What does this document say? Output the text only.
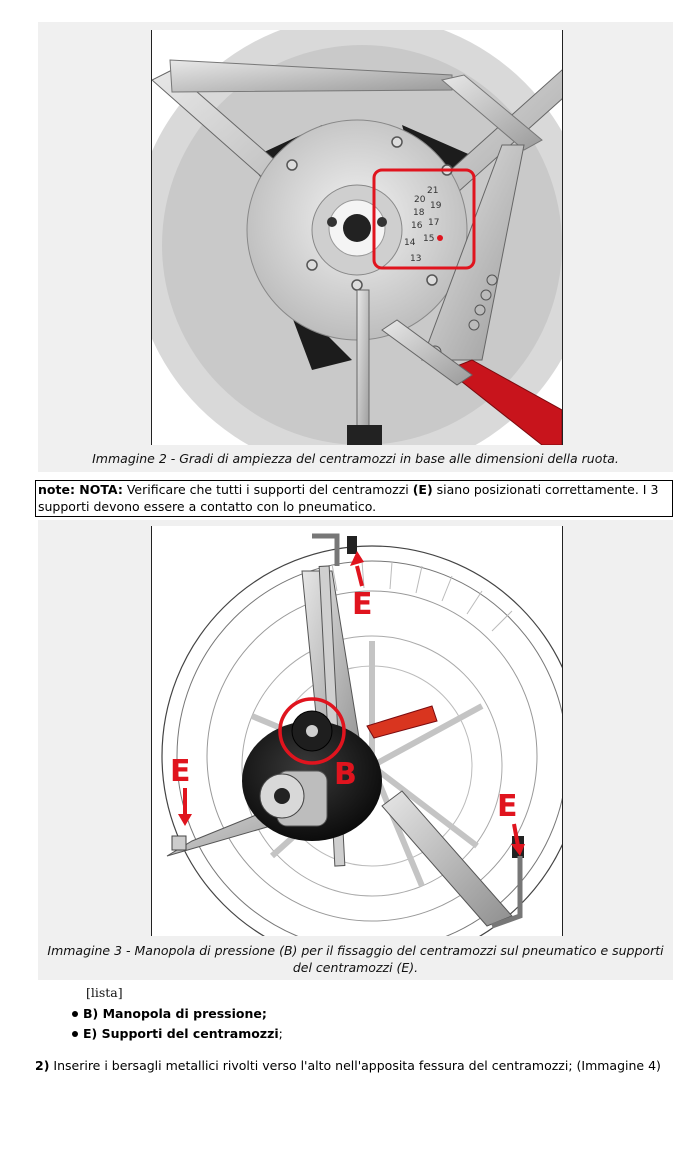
21
20
19
18
17
16
15
14
13
Immagine 2 - Gradi di ampiezza del centramozzi in base alle dimensioni della ruota.
note: NOTA: Verificare che tutti i supporti del centramozzi (E) siano posizionati correttamente. I 3 supporti devono essere a contatto con lo pneumatico.
E
E
E
B
Immagine 3 - Manopola di pressione (B) per il fissaggio del centramozzi sul pneumatico e supporti del centramozzi (E).
[lista]
B) Manopola di pressione;
E) Supporti del centramozzi ;
2) Inserire i bersagli metallici rivolti verso l'alto nell'apposita fessura del centramozzi; (Immagine 4)
